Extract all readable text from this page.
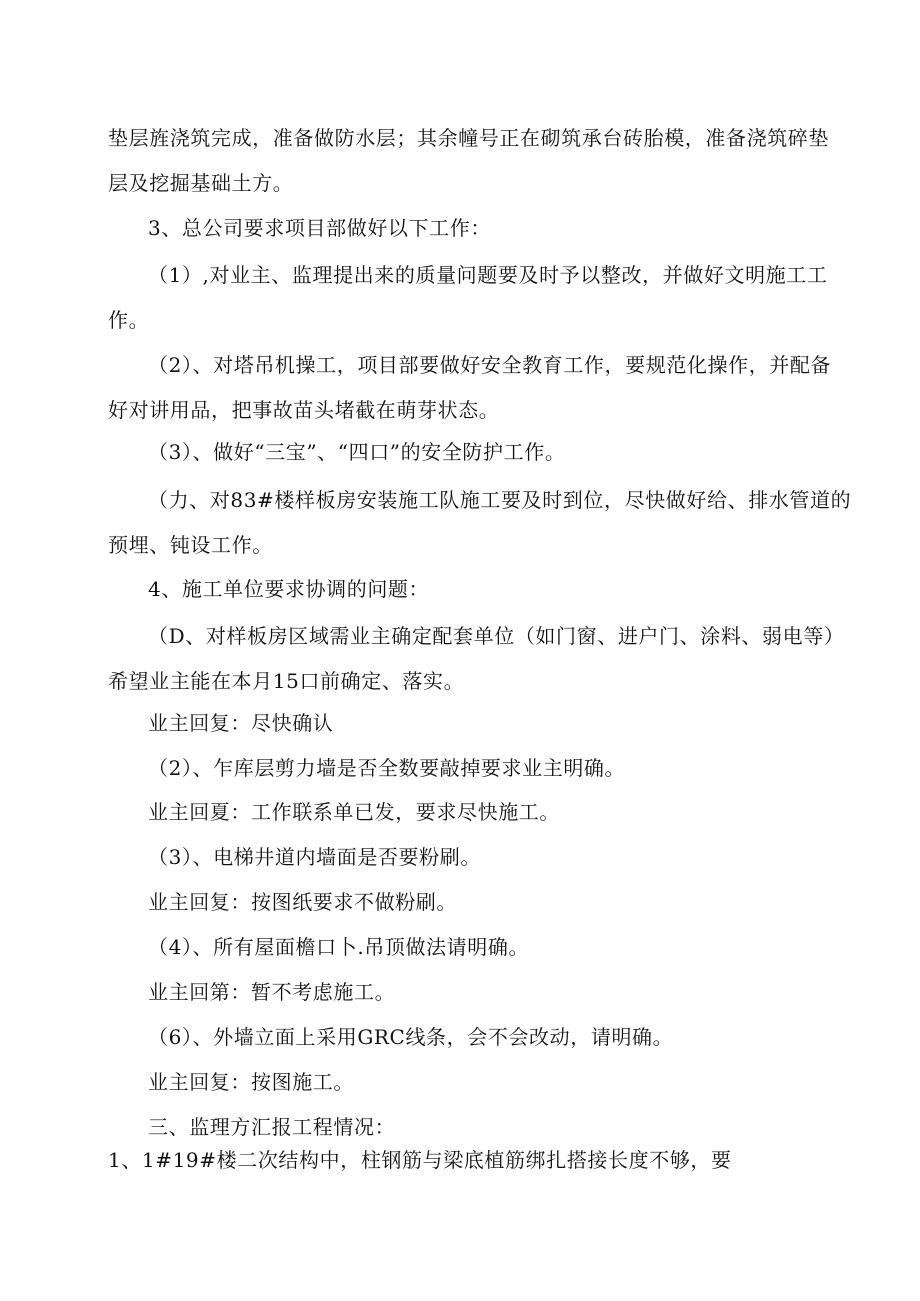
垫层旌浇筑完成，准备做防水层；其余幢号正在砌筑承台砖胎模，准备浇筑碎垫
层及挖掘基础土方。
3、总公司要求项目部做好以下工作：
（1）,对业主、监理提出来的质量问题要及时予以整改，并做好文明施工工
作。
（2）、对塔吊机操工，项目部要做好安全教育工作，要规范化操作，并配备
好对讲用品，把事故苗头堵截在萌芽状态。
（3）、做好“三宝”、“四口”的安全防护工作。
（力、对83#楼样板房安装施工队施工要及时到位，尽快做好给、排水管道的
预埋、钝设工作。
4、施工单位要求协调的问题：
（D、对样板房区域需业主确定配套单位（如门窗、进户门、涂料、弱电等）
希望业主能在本月15口前确定、落实。
业主回复：尽快确认
（2）、乍库层剪力墙是否全数要敲掉要求业主明确。
业主回夏：工作联系单已发，要求尽快施工。
（3）、电梯井道内墙面是否要粉刷。
业主回复：按图纸要求不做粉刷。
（4）、所有屋面檐口卜.吊顶做法请明确。
业主回第：暂不考虑施工。
（6）、外墙立面上采用GRC线条，会不会改动，请明确。
业主回复：按图施工。
三、监理方汇报工程情况：
1、1#19#楼二次结构中，柱钢筋与梁底植筋绑扎搭接长度不够，要
